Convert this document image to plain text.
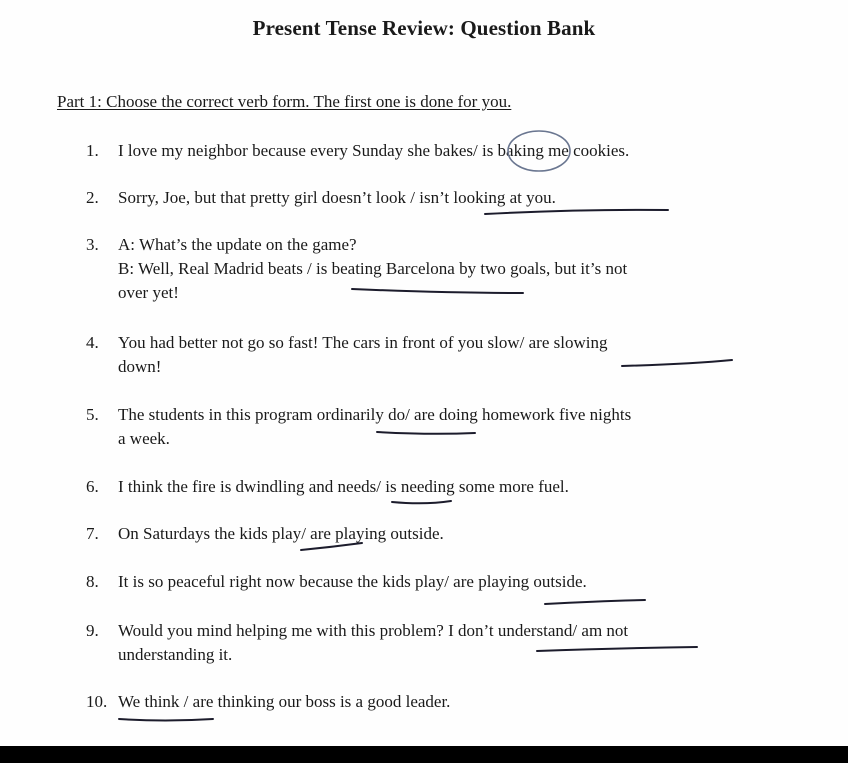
Present Tense Review: Question Bank
Part 1: Choose the correct verb form. The first one is done for you.
1.	I love my neighbor because every Sunday she bakes/ is baking me cookies.
2.	Sorry, Joe, but that pretty girl doesn’t look / isn’t looking at you.
3.	A: What’s the update on the game?
B: Well, Real Madrid beats / is beating Barcelona by two goals, but it’s not
over yet!
4.	You had better not go so fast! The cars in front of you slow/ are slowing
down!
5.	The students in this program ordinarily do/ are doing homework five nights
a week.
6.	I think the fire is dwindling and needs/ is needing some more fuel.
7.	On Saturdays the kids play/ are playing outside.
8.	It is so peaceful right now because the kids play/ are playing outside.
9.	Would you mind helping me with this problem? I don’t understand/ am not
understanding it.
10. We think / are thinking our boss is a good leader.
